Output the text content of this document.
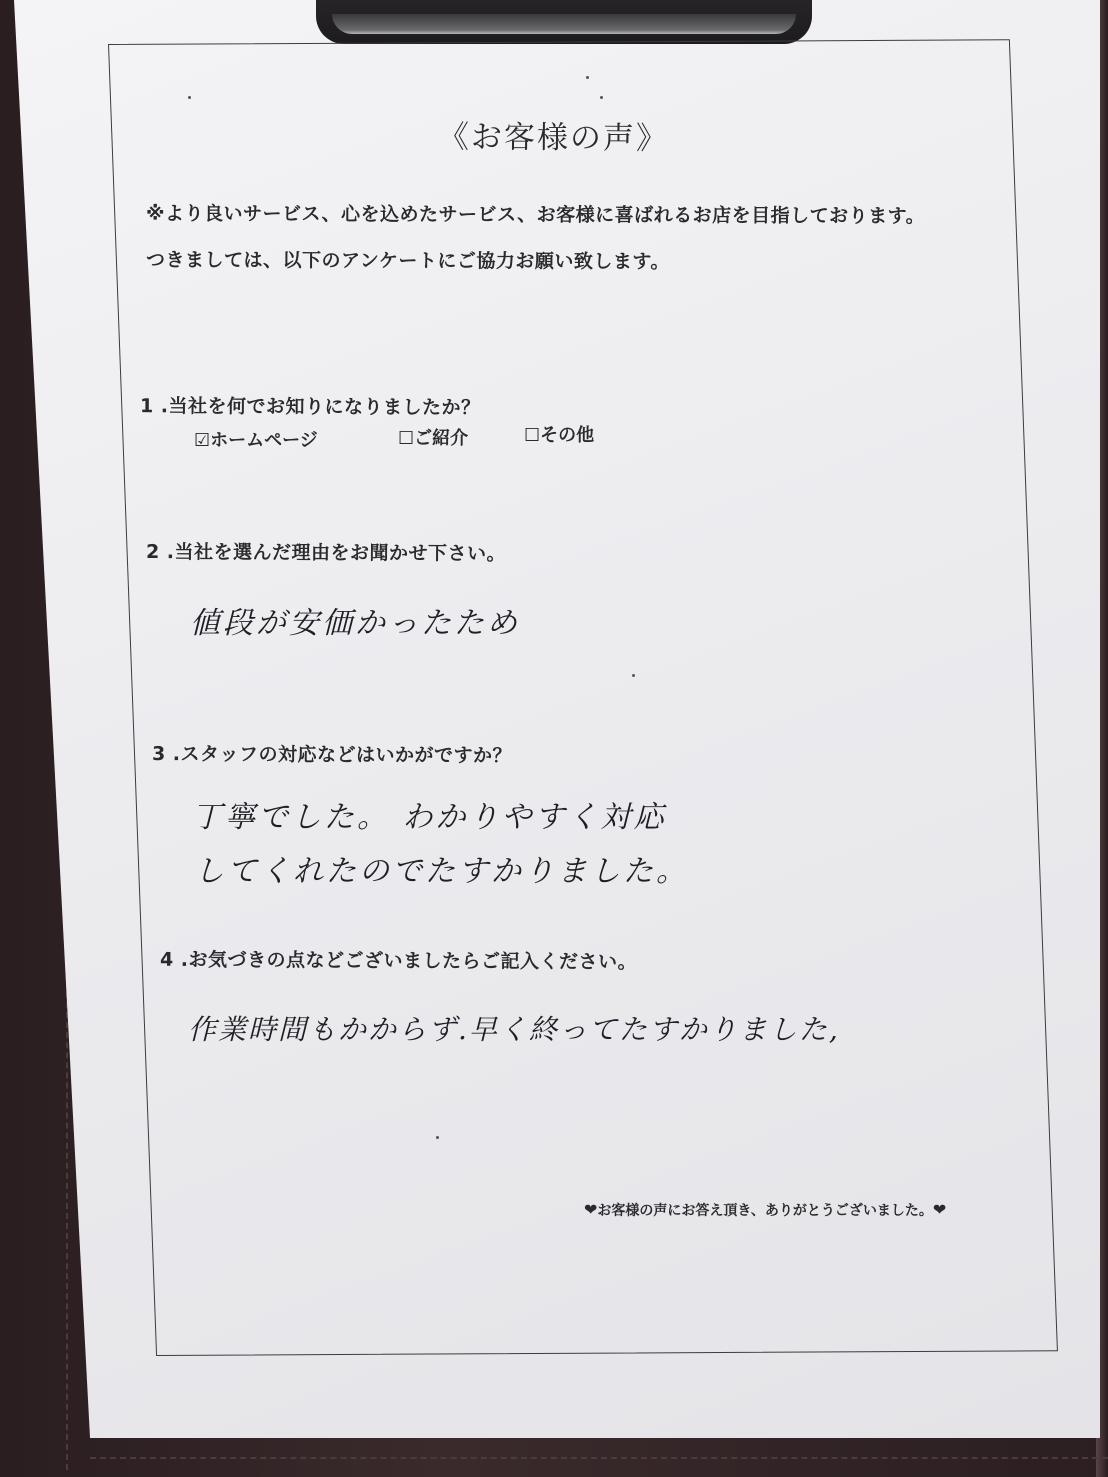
《お客様の声》
※より良いサービス、心を込めたサービス、お客様に喜ばれるお店を目指しております。
つきましては、以下のアンケートにご協力お願い致します。
1 .当社を何でお知りになりましたか？
☑ホームページ	☐ご紹介	☐その他
2 .当社を選んだ理由をお聞かせ下さい。
値段が安価かったため
3 .スタッフの対応などはいかがですか？
丁寧でした。 わかりやすく対応
してくれたのでたすかりました。
4 .お気づきの点などございましたらご記入ください。
作業時間もかからず.早く終ってたすかりました,
❤お客様の声にお答え頂き、ありがとうございました。❤
